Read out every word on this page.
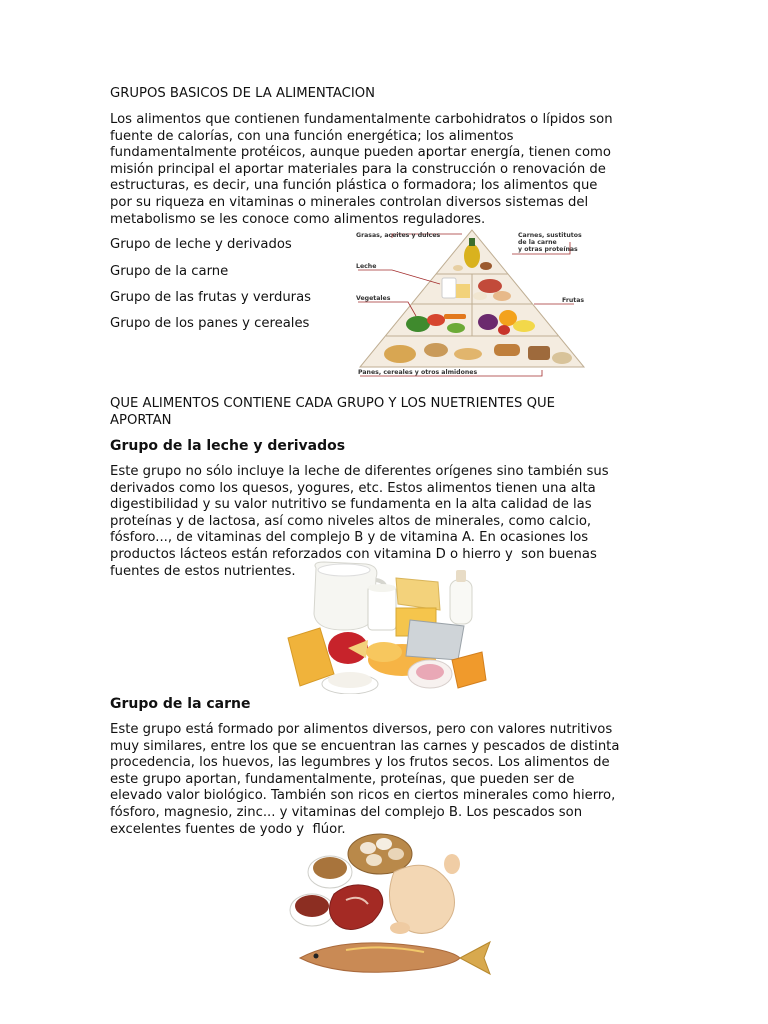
GRUPOS BASICOS DE LA ALIMENTACION

Los alimentos que contienen fundamentalmente carbohidratos o lípidos son
fuente de calorías, con una función energética; los alimentos
fundamentalmente protéicos, aunque pueden aportar energía, tienen como
misión principal el aportar materiales para la construcción o renovación de
estructuras, es decir, una función plástica o formadora; los alimentos que
por su riqueza en vitaminas o minerales controlan diversos sistemas del
metabolismo se les conoce como alimentos reguladores.

Grupo de leche y derivados

Grupo de la carne

Grupo de las frutas y verduras

Grupo de los panes y cereales

Grasas, aceites y dulces	Carnes, sustitutos de la carne y otras proteínas
Leche
Vegetales	Frutas
Panes, cereales y otros almidones

QUE ALIMENTOS CONTIENE CADA GRUPO Y LOS NUETRIENTES QUE
APORTAN

Grupo de la leche y derivados

Este grupo no sólo incluye la leche de diferentes orígenes sino también sus
derivados como los quesos, yogures, etc. Estos alimentos tienen una alta
digestibilidad y su valor nutritivo se fundamenta en la alta calidad de las
proteínas y de lactosa, así como niveles altos de minerales, como calcio,
fósforo..., de vitaminas del complejo B y de vitamina A. En ocasiones los
productos lácteos están reforzados con vitamina D o hierro y  son buenas
fuentes de estos nutrientes.

Grupo de la carne

Este grupo está formado por alimentos diversos, pero con valores nutritivos
muy similares, entre los que se encuentran las carnes y pescados de distinta
procedencia, los huevos, las legumbres y los frutos secos. Los alimentos de
este grupo aportan, fundamentalmente, proteínas, que pueden ser de
elevado valor biológico. También son ricos en ciertos minerales como hierro,
fósforo, magnesio, zinc... y vitaminas del complejo B. Los pescados son
excelentes fuentes de yodo y  flúor.
